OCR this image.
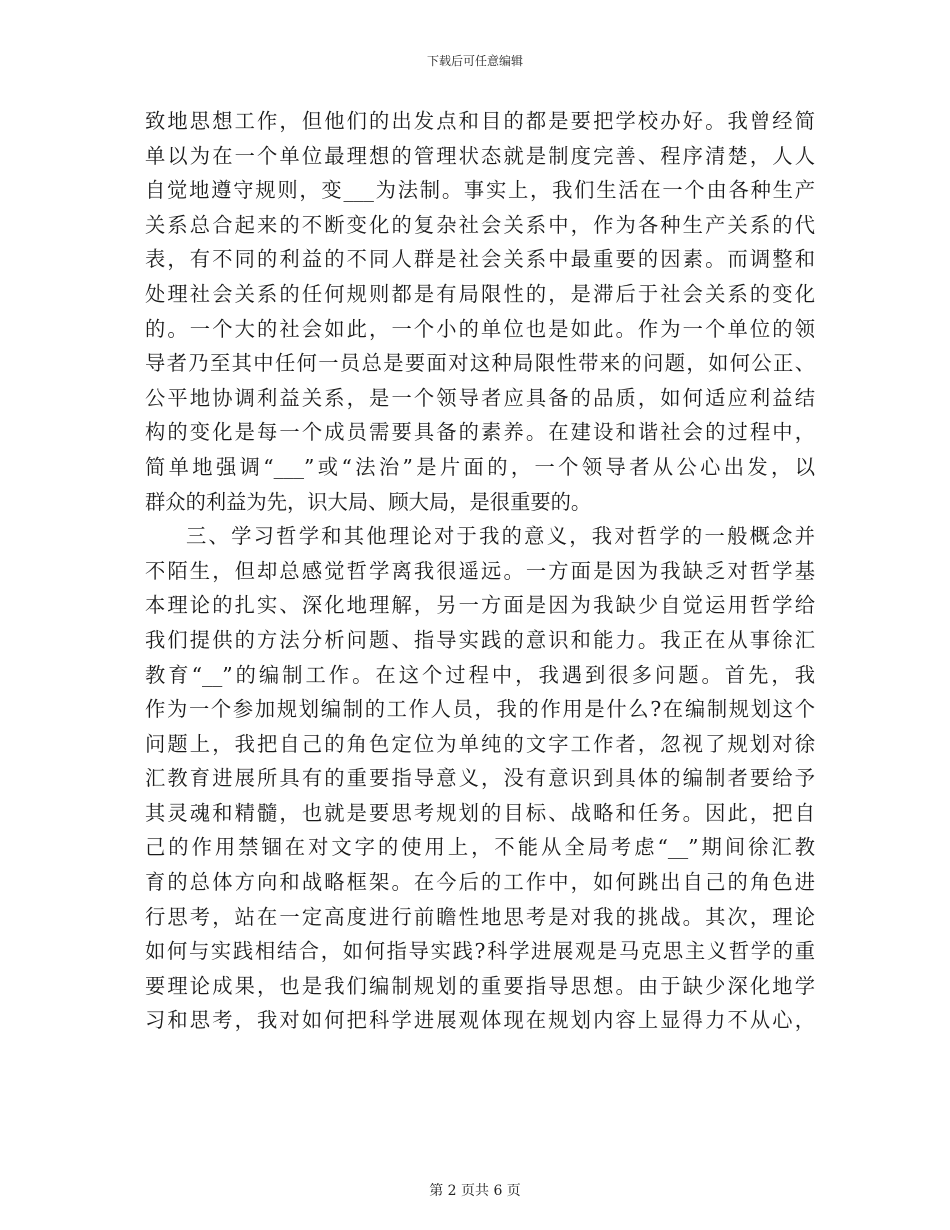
下载后可任意编辑
致地思想工作，但他们的出发点和目的都是要把学校办好。我曾经简
单以为在一个单位最理想的管理状态就是制度完善、程序清楚，人人
自觉地遵守规则，变___为法制。事实上，我们生活在一个由各种生产
关系总合起来的不断变化的复杂社会关系中，作为各种生产关系的代
表，有不同的利益的不同人群是社会关系中最重要的因素。而调整和
处理社会关系的任何规则都是有局限性的，是滞后于社会关系的变化
的。一个大的社会如此，一个小的单位也是如此。作为一个单位的领
导者乃至其中任何一员总是要面对这种局限性带来的问题，如何公正、
公平地协调利益关系，是一个领导者应具备的品质，如何适应利益结
构的变化是每一个成员需要具备的素养。在建设和谐社会的过程中，
简单地强调“___”或“法治”是片面的，一个领导者从公心出发，以
群众的利益为先，识大局、顾大局，是很重要的。
三、学习哲学和其他理论对于我的意义，我对哲学的一般概念并
不陌生，但却总感觉哲学离我很遥远。一方面是因为我缺乏对哲学基
本理论的扎实、深化地理解，另一方面是因为我缺少自觉运用哲学给
我们提供的方法分析问题、指导实践的意识和能力。我正在从事徐汇
教育“__”的编制工作。在这个过程中，我遇到很多问题。首先，我
作为一个参加规划编制的工作人员，我的作用是什么?在编制规划这个
问题上，我把自己的角色定位为单纯的文字工作者，忽视了规划对徐
汇教育进展所具有的重要指导意义，没有意识到具体的编制者要给予
其灵魂和精髓，也就是要思考规划的目标、战略和任务。因此，把自
己的作用禁锢在对文字的使用上，不能从全局考虑“__”期间徐汇教
育的总体方向和战略框架。在今后的工作中，如何跳出自己的角色进
行思考，站在一定高度进行前瞻性地思考是对我的挑战。其次，理论
如何与实践相结合，如何指导实践?科学进展观是马克思主义哲学的重
要理论成果，也是我们编制规划的重要指导思想。由于缺少深化地学
习和思考，我对如何把科学进展观体现在规划内容上显得力不从心，
第 2 页共 6 页
